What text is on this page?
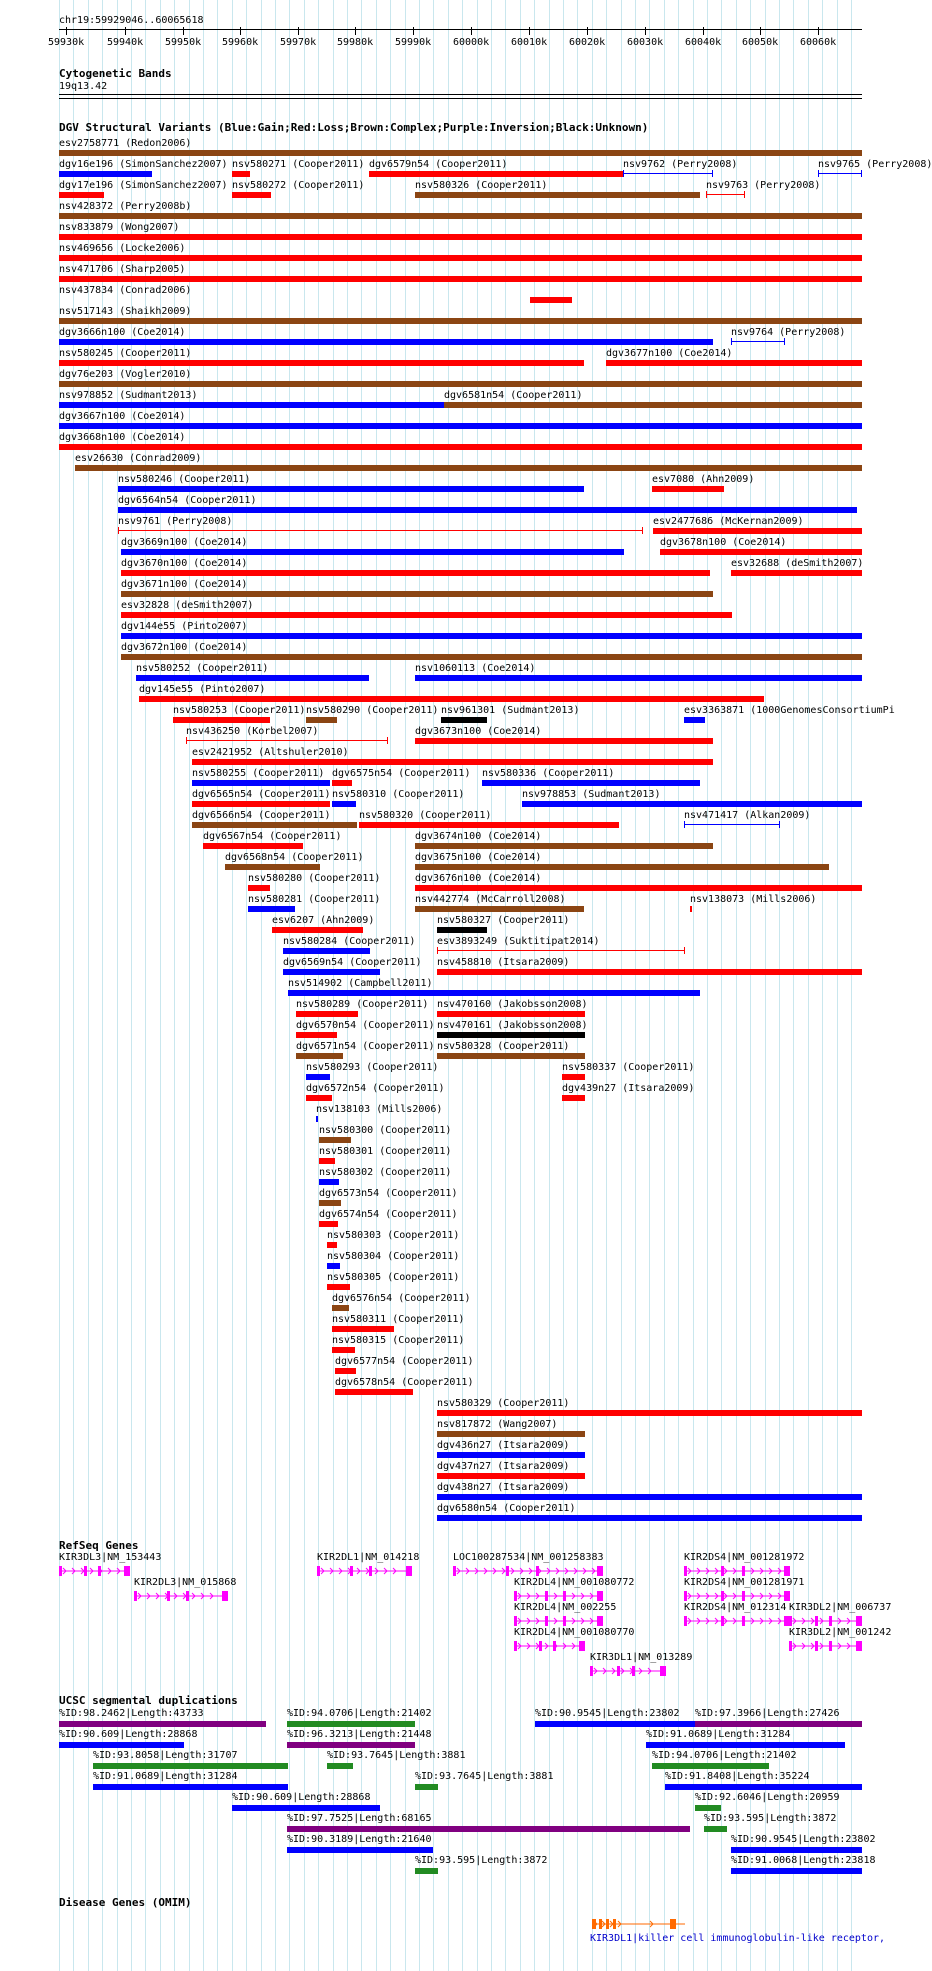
chr19:59929046..60065618
59930k 59940k 59950k 59960k 59970k 59980k 59990k 60000k 60010k 60020k 60030k 60040k 60050k 60060k
Cytogenetic Bands
19q13.42
DGV Structural Variants (Blue:Gain;Red:Loss;Brown:Complex;Purple:Inversion;Black:Unknown)
esv2758771 (Redon2006)
dgv16e196 (SimonSanchez2007) nsv580271 (Cooper2011) dgv6579n54 (Cooper2011)	nsv9762 (Perry2008)	nsv9765 (Perry2008)
dgv17e196 (SimonSanchez2007) nsv580272 (Cooper2011)	nsv580326 (Cooper2011)	nsv9763 (Perry2008)
nsv428372 (Perry2008b)
nsv833879 (Wong2007)
nsv469656 (Locke2006)
nsv471706 (Sharp2005)
nsv437834 (Conrad2006)
nsv517143 (Shaikh2009)
dgv3666n100 (Coe2014)	nsv9764 (Perry2008)
nsv580245 (Cooper2011)	dgv3677n100 (Coe2014)
dgv76e203 (Vogler2010)
nsv978852 (Sudmant2013)	dgv6581n54 (Cooper2011)
dgv3667n100 (Coe2014)
dgv3668n100 (Coe2014)
esv26630 (Conrad2009)
nsv580246 (Cooper2011)	esv7080 (Ahn2009)
dgv6564n54 (Cooper2011)
nsv9761 (Perry2008)	esv2477686 (McKernan2009)
dgv3669n100 (Coe2014)	dgv3678n100 (Coe2014)
dgv3670n100 (Coe2014)	esv32688 (deSmith2007)
dgv3671n100 (Coe2014)
esv32828 (deSmith2007)
dgv144e55 (Pinto2007)
dgv3672n100 (Coe2014)
nsv580252 (Cooper2011)	nsv1060113 (Coe2014)
dgv145e55 (Pinto2007)
nsv580253 (Cooper2011) nsv580290 (Cooper2011) nsv961301 (Sudmant2013)	esv3363871 (1000GenomesConsortiumPi
nsv436250 (Korbel2007)	dgv3673n100 (Coe2014)
esv2421952 (Altshuler2010)
nsv580255 (Cooper2011) dgv6575n54 (Cooper2011) nsv580336 (Cooper2011)
dgv6565n54 (Cooper2011) nsv580310 (Cooper2011)	nsv978853 (Sudmant2013)
dgv6566n54 (Cooper2011)	nsv580320 (Cooper2011)	nsv471417 (Alkan2009)
dgv6567n54 (Cooper2011)	dgv3674n100 (Coe2014)
dgv6568n54 (Cooper2011)	dgv3675n100 (Coe2014)
nsv580280 (Cooper2011)	dgv3676n100 (Coe2014)
nsv580281 (Cooper2011)	nsv442774 (McCarroll2008)	nsv138073 (Mills2006)
esv6207 (Ahn2009)	nsv580327 (Cooper2011)
nsv580284 (Cooper2011) esv3893249 (Suktitipat2014)
dgv6569n54 (Cooper2011) nsv458810 (Itsara2009)
nsv514902 (Campbell2011)
nsv580289 (Cooper2011) nsv470160 (Jakobsson2008)
dgv6570n54 (Cooper2011) nsv470161 (Jakobsson2008)
dgv6571n54 (Cooper2011) nsv580328 (Cooper2011)
nsv580293 (Cooper2011)	nsv580337 (Cooper2011)
dgv6572n54 (Cooper2011)	dgv439n27 (Itsara2009)
nsv138103 (Mills2006)
nsv580300 (Cooper2011)
nsv580301 (Cooper2011)
nsv580302 (Cooper2011)
dgv6573n54 (Cooper2011)
dgv6574n54 (Cooper2011)
nsv580303 (Cooper2011)
nsv580304 (Cooper2011)
nsv580305 (Cooper2011)
dgv6576n54 (Cooper2011)
nsv580311 (Cooper2011)
nsv580315 (Cooper2011)
dgv6577n54 (Cooper2011)
dgv6578n54 (Cooper2011)
nsv580329 (Cooper2011)
nsv817872 (Wang2007)
dgv436n27 (Itsara2009)
dgv437n27 (Itsara2009)
dgv438n27 (Itsara2009)
dgv6580n54 (Cooper2011)
RefSeq Genes
KIR3DL3|NM_153443
KIR2DL3|NM_015868
KIR2DL1|NM_014218	LOC100287534|NM_001258383
KIR2DL4|NM_001080772
KIR2DL4|NM_002255
KIR2DL4|NM_001080770
KIR3DL1|NM_013289
KIR2DS4|NM_001281972
KIR2DS4|NM_001281971
KIR2DS4|NM_012314 KIR3DL2|NM_006737
KIR3DL2|NM_001242
UCSC segmental duplications
%ID:98.2462|Length:43733	%ID:94.0706|Length:21402	%ID:90.9545|Length:23802 %ID:97.3966|Length:27426
%ID:90.609|Length:28868	%ID:96.3213|Length:21448	%ID:91.0689|Length:31284
%ID:93.8058|Length:31707	%ID:93.7645|Length:3881	%ID:94.0706|Length:21402
%ID:91.0689|Length:31284	%ID:93.7645|Length:3881	%ID:91.8408|Length:35224
%ID:90.609|Length:28868	%ID:92.6046|Length:20959
%ID:97.7525|Length:68165	%ID:93.595|Length:3872
%ID:90.3189|Length:21640	%ID:90.9545|Length:23802
%ID:93.595|Length:3872	%ID:91.0068|Length:23818
Disease Genes (OMIM)
KIR3DL1|killer cell immunoglobulin-like receptor,
